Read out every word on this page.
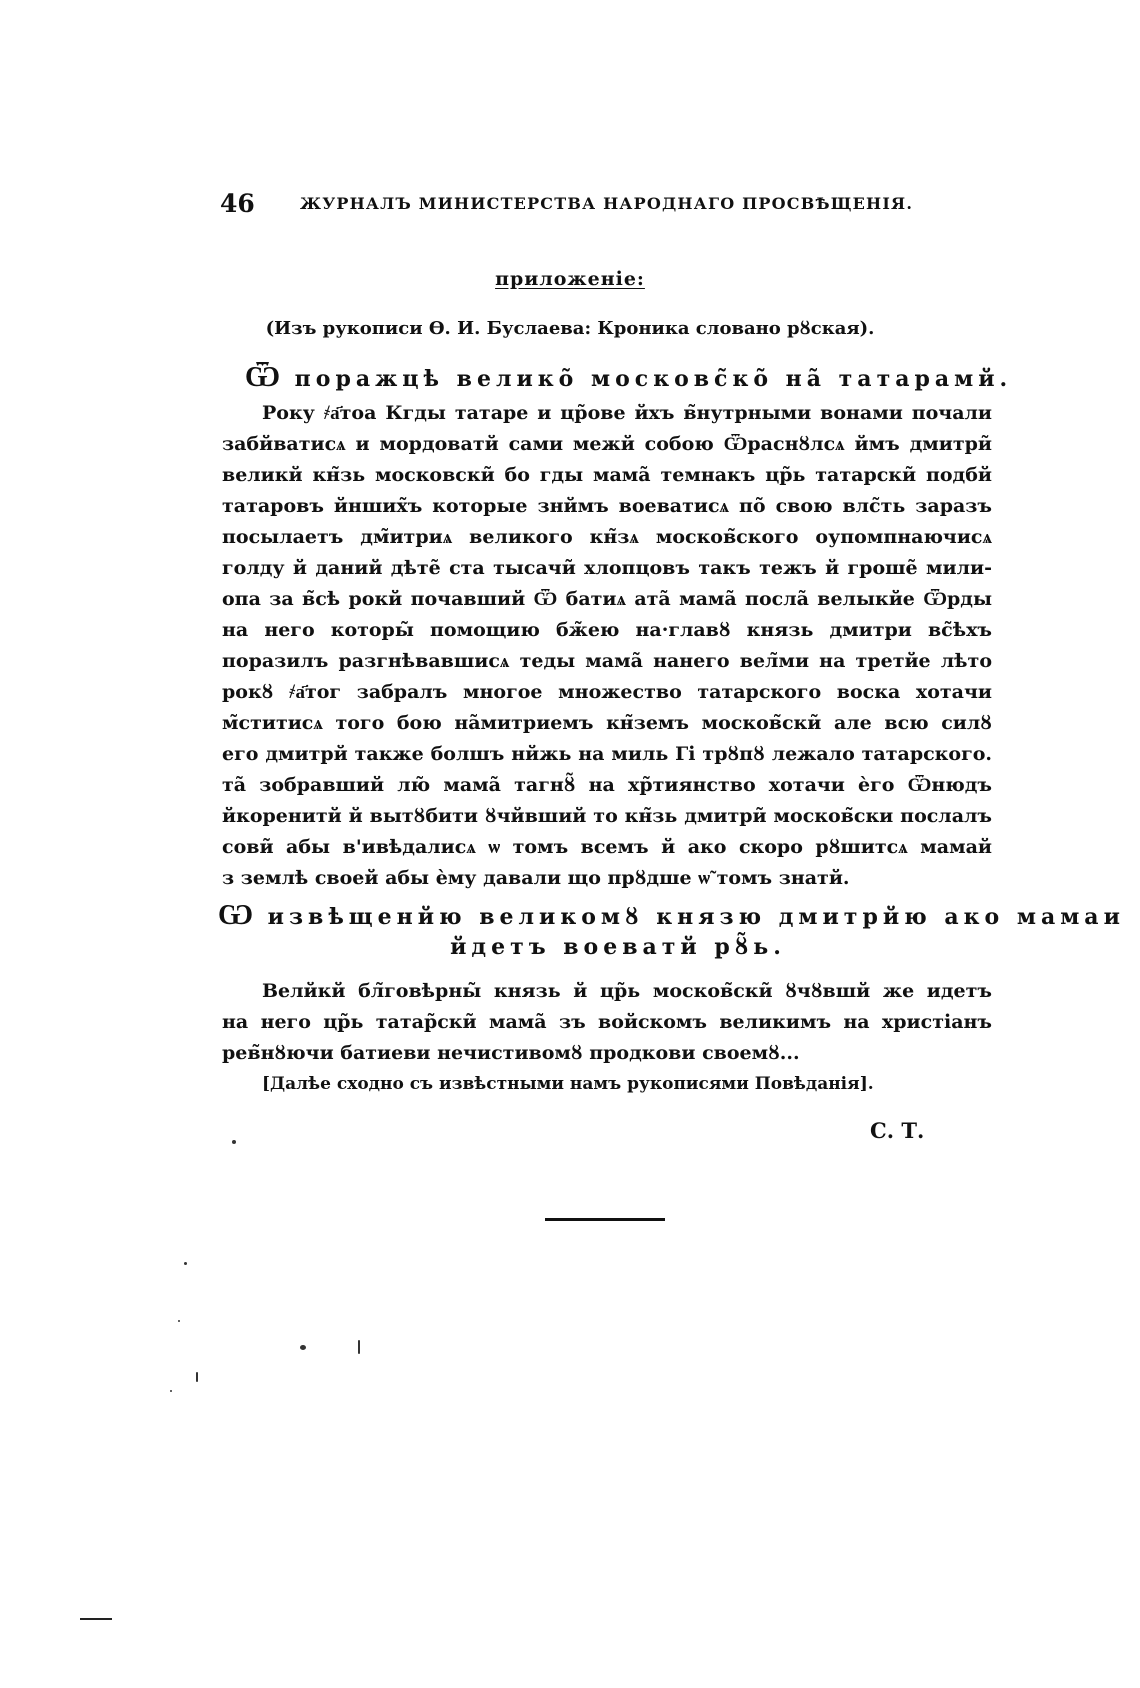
46	ЖУРНАЛЪ МИНИСТЕРСТВА НАРОДНАГО ПРОСВѢЩЕНІЯ.
приложеніе:
(Изъ рукописи Ө. И. Буслаева: Кроника словано рȣская).
Ѿ поражцѣ велико̃ московс̃ко̃ на̃ татарамй.
Року ҂а҃тоа Кгды татаре и цр̃ове йхъ в̃нутрными вонами почали
забйватисѧ и мордоватй сами межй собою Ѿраснȣлсѧ ймъ дмитри̃
великй кн̃зь московски̃ бо гды мама̃ темнакъ цр̃ь татарски̃ подбй
татаровъ йнших̃ъ которые знймъ воеватисѧ по̃ свою влс̃ть заразъ
посылаетъ дм̃итриѧ великого кн̃зѧ москов̃ского оупомпнаючисѧ
голду й даний дѣте̃ ста тысачи̃ хлопцовъ такъ тежъ й гроше̃ мили-
опа за в̃сѣ рокй почавший Ѿ батиѧ ата̃ мама̃ посла̃ велыкйе Ѿрды
на него которы̃ помощию бж̃ею на·главȣ князь дмитри вс̃ѣхъ
поразилъ разгнѣвавшисѧ теды мама̃ нанего вел̃ми на третйе лѣто
рокȣ ҂а҃тог забралъ многое множество татарского воска хотачи
м̃ститисѧ того бою на̃митриемъ кн̃земъ москов̃ски̃ але всю силȣ
его дмитрй также болшъ нйжь на миль Гі трȣпȣ лежало татарского.
та̃ зобравший лю̃ мама̃ тагнȣ̃ на хр̃тиянство хотачи ѐго Ѿнюдъ
йкоренитй й вытȣбити ȣчйвший то кн̃зь дмитри̃ москов̃ски послалъ
сови̃ абы в'ивѣдалисѧ ѡ томъ всемъ й ако скоро рȣшитсѧ мамай
з землѣ своей абы ѐму давали що прȣдше ѡ̃ томъ знатй.
Ѡ извѣщенйю великомȣ князю дмитрйю ако мамаи
йдетъ воеватй рȣ̃ь.
Велйкй бл̃говѣрны̃ князь й цр̃ь москов̃ски̃ ȣчȣвшй же идетъ
на него цр̃ь татар̃ски̃ мама̃ зъ войскомъ великимъ на христіанъ
рев̃нȣючи батиеви нечистивомȣ продкови своемȣ...
[Далѣе сходно съ извѣстными намъ рукописями Повѣданія].
С. Т.
